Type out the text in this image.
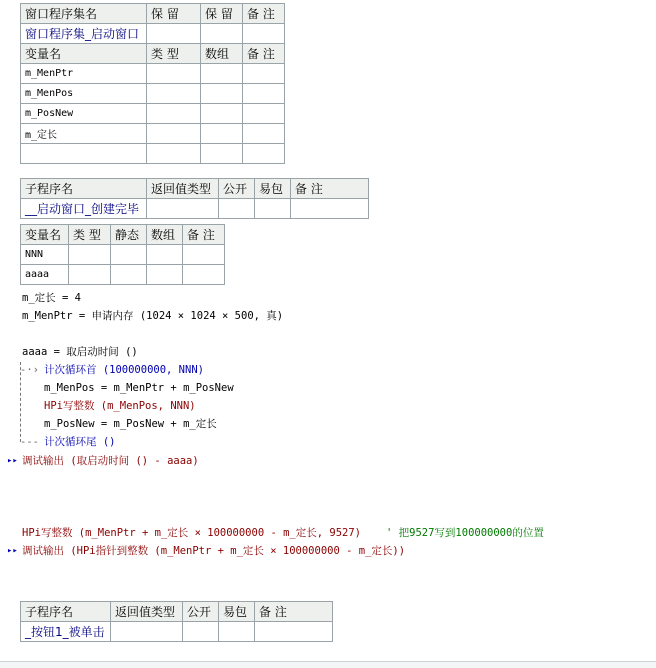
窗口程序集名	保 留	保 留	备 注
窗口程序集_启动窗口			
变量名	类 型	数组	备 注
m_MenPtr			
m_MenPos			
m_PosNew			
m_定长			

子程序名	返回值类型	公开	易包	备 注
__启动窗口_创建完毕				
变量名	类 型	静态	数组	备 注
NNN				
aaaa				
m_定长 = 4
m_MenPtr = 申请内存 (1024 × 1024 × 500, 真)
aaaa = 取启动时间 ()
-·› 计次循环首 (100000000, NNN)
m_MenPos = m_MenPtr + m_PosNew
HPi写整数 (m_MenPos, NNN)
m_PosNew = m_PosNew + m_定长
--- 计次循环尾 ()
▸▸ 调试输出 (取启动时间 () - aaaa)
HPi写整数 (m_MenPtr + m_定长 × 100000000 - m_定长, 9527) ' 把9527写到100000000的位置
▸▸ 调试输出 (HPi指针到整数 (m_MenPtr + m_定长 × 100000000 - m_定长))
子程序名	返回值类型	公开	易包	备 注
_按钮1_被单击				
